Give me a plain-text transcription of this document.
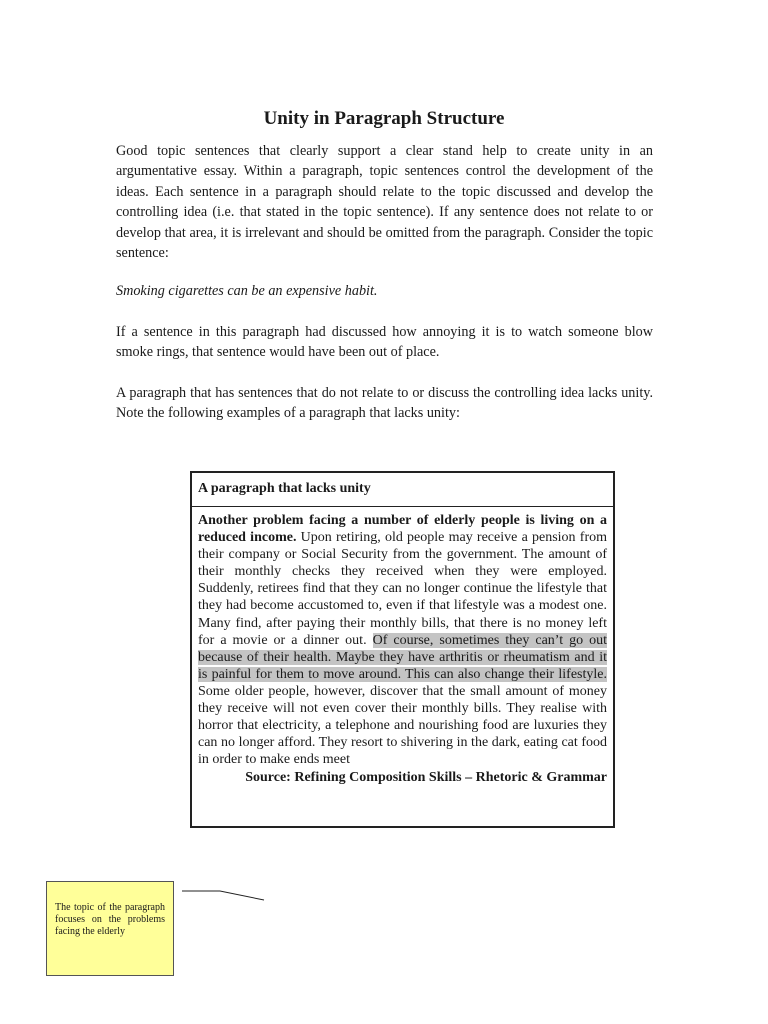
Unity in Paragraph Structure
Good topic sentences that clearly support a clear stand help to create unity in an argumentative essay. Within a paragraph, topic sentences control the development of the ideas. Each sentence in a paragraph should relate to the topic discussed and develop the controlling idea (i.e. that stated in the topic sentence). If any sentence does not relate to or develop that area, it is irrelevant and should be omitted from the paragraph. Consider the topic sentence:
Smoking cigarettes can be an expensive habit.
If a sentence in this paragraph had discussed how annoying it is to watch someone blow smoke rings, that sentence would have been out of place.
A paragraph that has sentences that do not relate to or discuss the controlling idea lacks unity. Note the following examples of a paragraph that lacks unity:
A paragraph that lacks unity
Another problem facing a number of elderly people is living on a reduced income. Upon retiring, old people may receive a pension from their company or Social Security from the government. The amount of their monthly checks they received when they were employed. Suddenly, retirees find that they can no longer continue the lifestyle that they had become accustomed to, even if that lifestyle was a modest one. Many find, after paying their monthly bills, that there is no money left for a movie or a dinner out. Of course, sometimes they can’t go out because of their health. Maybe they have arthritis or rheumatism and it is painful for them to move around. This can also change their lifestyle. Some older people, however, discover that the small amount of money they receive will not even cover their monthly bills. They realise with horror that electricity, a telephone and nourishing food are luxuries they can no longer afford. They resort to shivering in the dark, eating cat food in order to make ends meet
Source: Refining Composition Skills – Rhetoric & Grammar
The topic of the paragraph focuses on the problems facing the elderly
